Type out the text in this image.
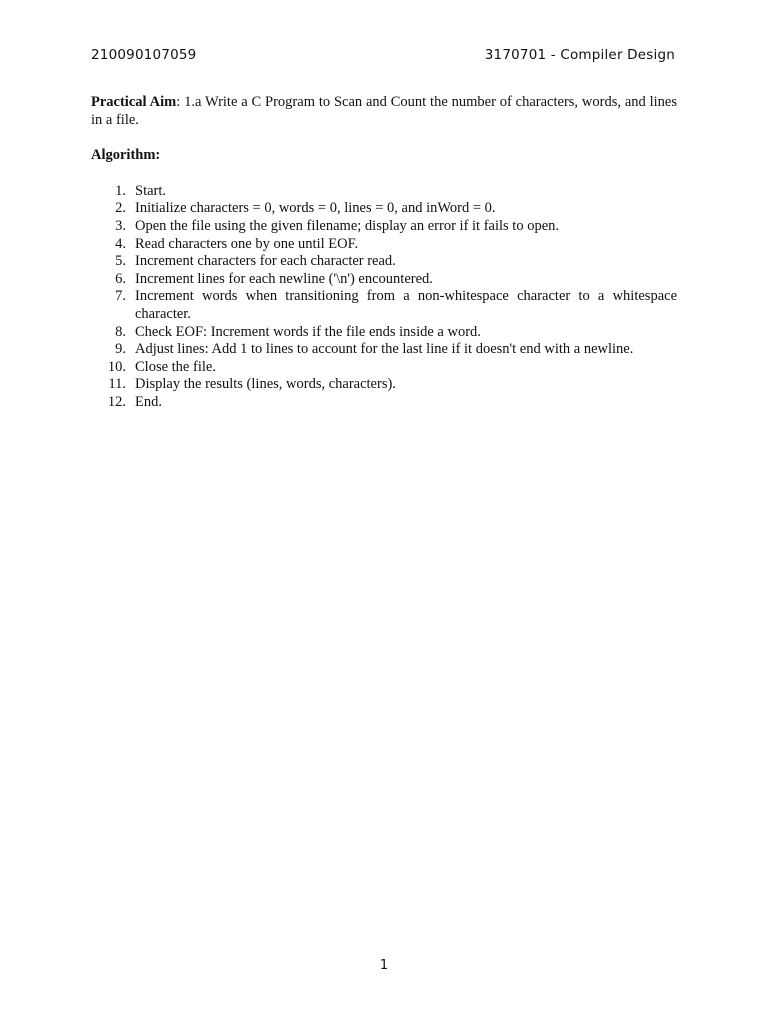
210090107059	3170701 - Compiler Design

Practical Aim: 1.a Write a C Program to Scan and Count the number of characters, words, and lines in a file.

Algorithm:

1. Start.
2. Initialize characters = 0, words = 0, lines = 0, and inWord = 0.
3. Open the file using the given filename; display an error if it fails to open.
4. Read characters one by one until EOF.
5. Increment characters for each character read.
6. Increment lines for each newline ('\n') encountered.
7. Increment words when transitioning from a non-whitespace character to a whitespace character.
8. Check EOF: Increment words if the file ends inside a word.
9. Adjust lines: Add 1 to lines to account for the last line if it doesn't end with a newline.
10. Close the file.
11. Display the results (lines, words, characters).
12. End.
1
